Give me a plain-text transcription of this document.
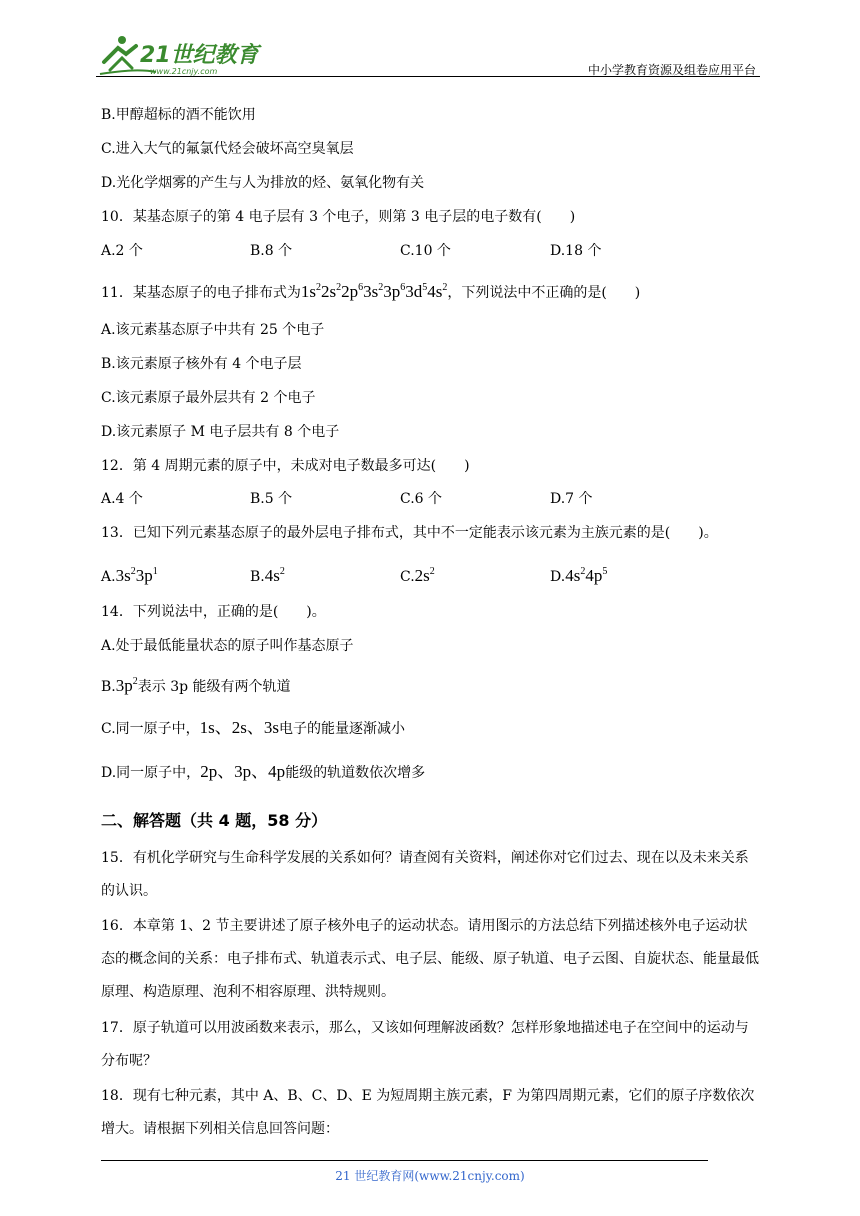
21世纪教育
www.21cnjy.com	中小学教育资源及组卷应用平台
B.甲醇超标的酒不能饮用
C.进入大气的氟氯代烃会破坏高空臭氧层
D.光化学烟雾的产生与人为排放的烃、氨氧化物有关
10．某基态原子的第 4 电子层有 3 个电子，则第 3 电子层的电子数有(　　)
A.2 个	B.8 个	C.10 个	D.18 个
11．某基态原子的电子排布式为$1s^22s^22p^63s^23p^63d^54s^2$，下列说法中不正确的是(　　)
A.该元素基态原子中共有 25 个电子
B.该元素原子核外有 4 个电子层
C.该元素原子最外层共有 2 个电子
D.该元素原子 M 电子层共有 8 个电子
12．第 4 周期元素的原子中，未成对电子数最多可达(　　)
A.4 个	B.5 个	C.6 个	D.7 个
13．已知下列元素基态原子的最外层电子排布式，其中不一定能表示该元素为主族元素的是(　　)。
$A.3s^23p^1$	$B.4s^2$	$C.2s^2$	$D.4s^24p^5$
14．下列说法中，正确的是(　　)。
A.处于最低能量状态的原子叫作基态原子
$B.3p^2$表示 3p 能级有两个轨道
C.同一原子中，1s、2s、3s电子的能量逐渐减小
D.同一原子中，2p、3p、4p能级的轨道数依次增多
二、解答题（共 4 题，58 分）
15．有机化学研究与生命科学发展的关系如何？请查阅有关资料，阐述你对它们过去、现在以及未来关系的认识。
16．本章第 1、2 节主要讲述了原子核外电子的运动状态。请用图示的方法总结下列描述核外电子运动状态的概念间的关系：电子排布式、轨道表示式、电子层、能级、原子轨道、电子云图、自旋状态、能量最低原理、构造原理、泡利不相容原理、洪特规则。
17．原子轨道可以用波函数来表示，那么，又该如何理解波函数？怎样形象地描述电子在空间中的运动与分布呢？
18．现有七种元素，其中 A、B、C、D、E 为短周期主族元素，F 为第四周期元素，它们的原子序数依次增大。请根据下列相关信息回答问题：
21 世纪教育网(www.21cnjy.com)
